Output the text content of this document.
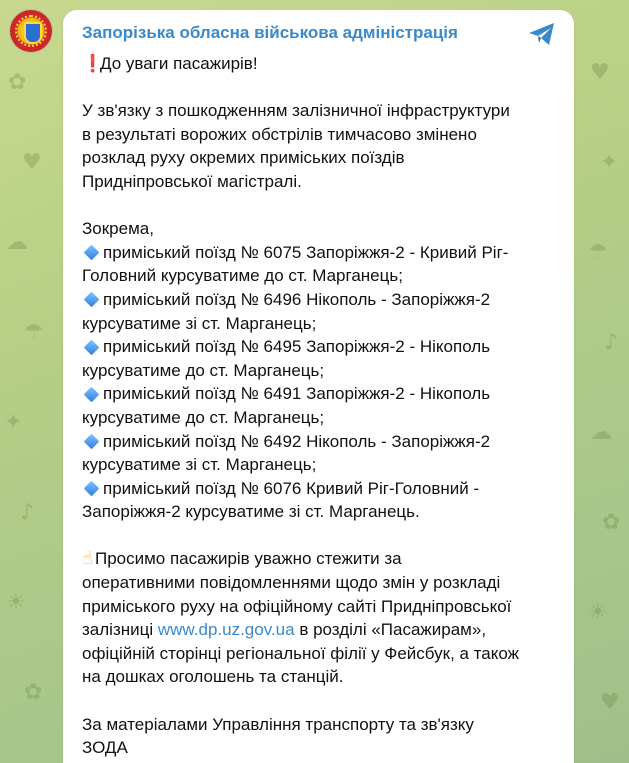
✿
♥
☁
☂
✦
♪
☀
✿
♥
✦
☂
♪
☁
✿
☀
♥
Запорізька обласна військова адміністрація

❗До уваги пасажирів!

У зв'язку з пошкодженням залізничної інфраструктури

в результаті ворожих обстрілів тимчасово змінено

розклад руху окремих приміських поїздів

Придніпровської магістралі.

Зокрема,

приміський поїзд № 6075 Запоріжжя-2 - Кривий Ріг-

Головний курсуватиме до ст. Марганець;

приміський поїзд № 6496 Нікополь - Запоріжжя-2

курсуватиме зі ст. Марганець;

приміський поїзд № 6495 Запоріжжя-2 - Нікополь

курсуватиме до ст. Марганець;

приміський поїзд № 6491 Запоріжжя-2 - Нікополь

курсуватиме до ст. Марганець;

приміський поїзд № 6492 Нікополь - Запоріжжя-2

курсуватиме зі ст. Марганець;

приміський поїзд № 6076 Кривий Ріг-Головний -

Запоріжжя-2 курсуватиме зі ст. Марганець.

☝ Просимо пасажирів уважно стежити за

оперативними повідомленнями щодо змін у розкладі

приміського руху на офіційному сайті Придніпровської

залізниці www.dp.uz.gov.ua в розділі «Пасажирам»,

офіційній сторінці регіональної філії у Фейсбук, а також

на дошках оголошень та станцій.

За матеріалами Управління транспорту та зв'язку

ЗОДА
